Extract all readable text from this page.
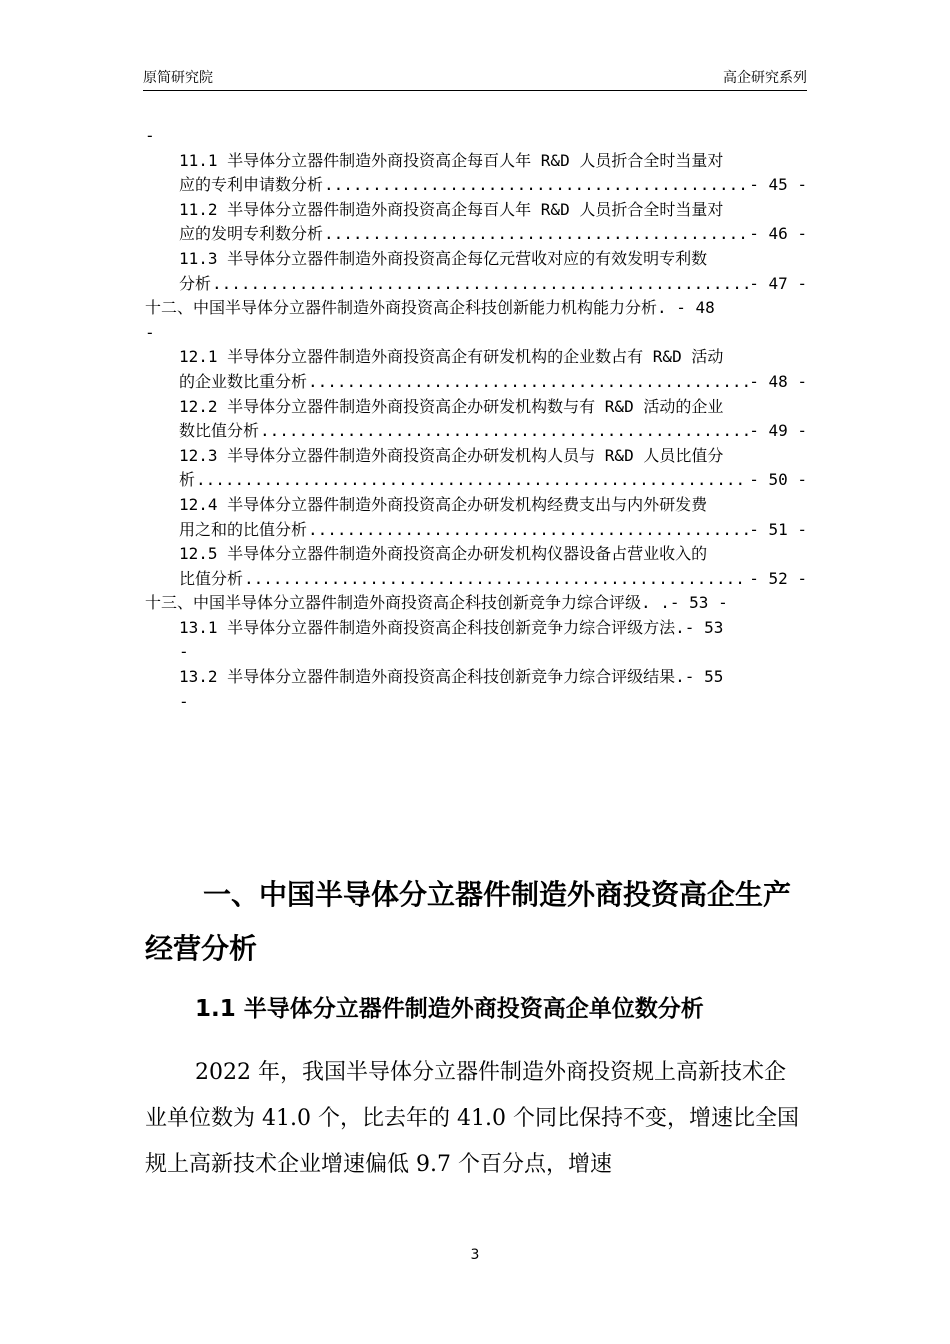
原简研究院	高企研究系列
-
11.1 半导体分立器件制造外商投资高企每百人年 R&D 人员折合全时当量对
应的专利申请数分析 .....	- 45 -
11.2 半导体分立器件制造外商投资高企每百人年 R&D 人员折合全时当量对
应的发明专利数分析 .....	- 46 -
11.3 半导体分立器件制造外商投资高企每亿元营收对应的有效发明专利数
分析 .....	- 47 -
十二、中国半导体分立器件制造外商投资高企科技创新能力机构能力分析. - 48
-
12.1 半导体分立器件制造外商投资高企有研发机构的企业数占有 R&D 活动
的企业数比重分析 .....	- 48 -
12.2 半导体分立器件制造外商投资高企办研发机构数与有 R&D 活动的企业
数比值分析 .....	- 49 -
12.3 半导体分立器件制造外商投资高企办研发机构人员与 R&D 人员比值分
析 .....	- 50 -
12.4 半导体分立器件制造外商投资高企办研发机构经费支出与内外研发费
用之和的比值分析 .....	- 51 -
12.5 半导体分立器件制造外商投资高企办研发机构仪器设备占营业收入的
比值分析 .....	- 52 -
十三、中国半导体分立器件制造外商投资高企科技创新竞争力综合评级. .- 53 -
13.1 半导体分立器件制造外商投资高企科技创新竞争力综合评级方法.- 53
-
13.2 半导体分立器件制造外商投资高企科技创新竞争力综合评级结果.- 55
-
一、中国半导体分立器件制造外商投资高企生产经营分析
1.1 半导体分立器件制造外商投资高企单位数分析

2022 年，我国半导体分立器件制造外商投资规上高新技术企业单位数为 41.0 个，比去年的 41.0 个同比保持不变，增速比全国规上高新技术企业增速偏低 9.7 个百分点，增速

3
